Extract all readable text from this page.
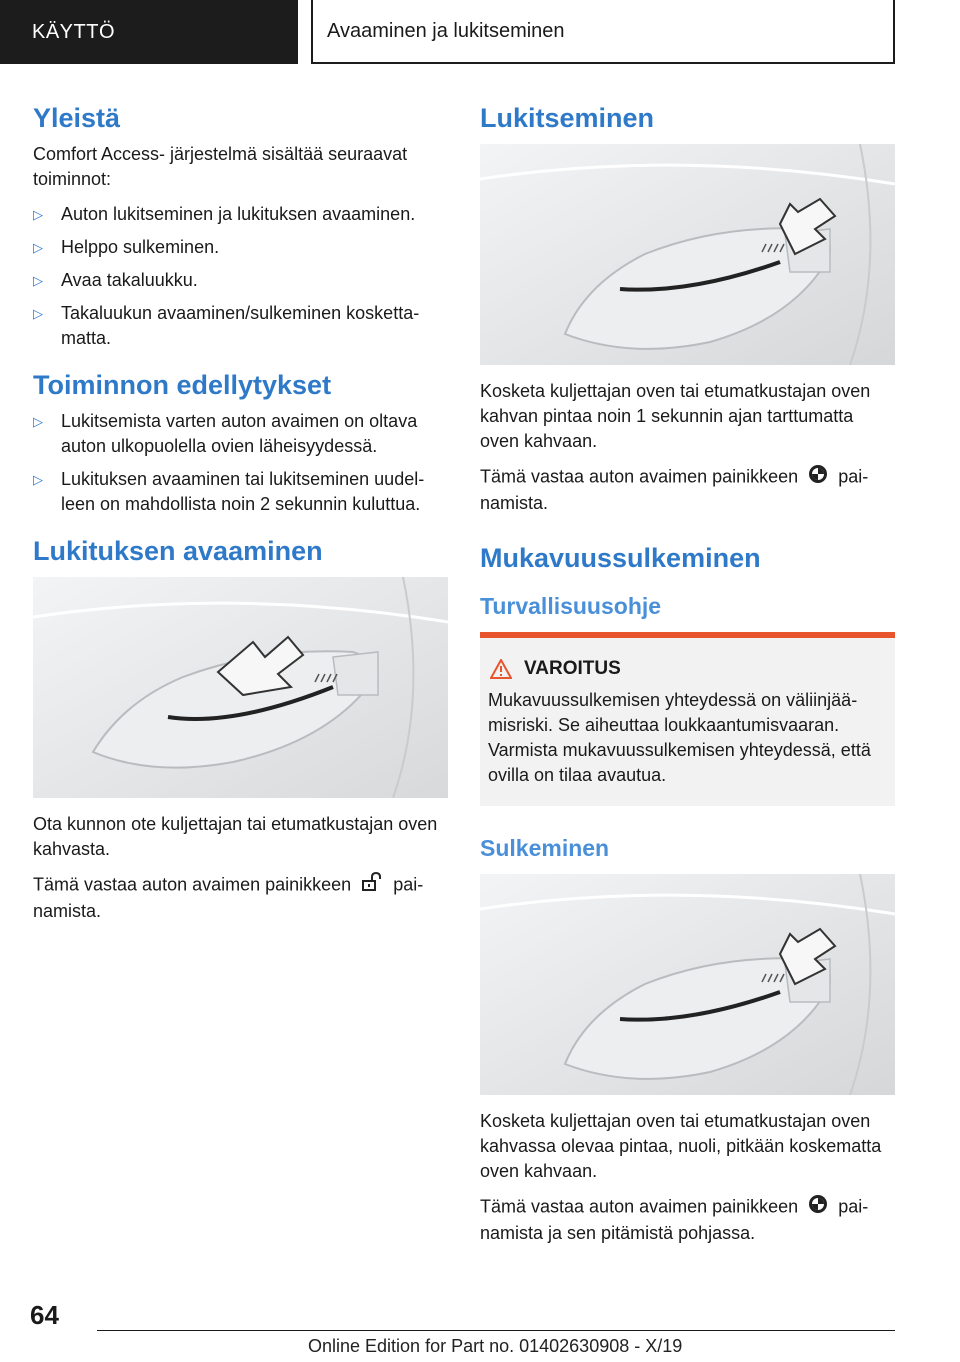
KÄYTTÖ	Avaaminen ja lukitseminen
Yleistä

Comfort Access- järjestelmä sisältää seuraavat toiminnot:

▷ Auton lukitseminen ja lukituksen avaaminen.
▷ Helppo sulkeminen.
▷ Avaa takaluukku.
▷ Takaluukun avaaminen/sulkeminen koskettamatta.
Toiminnon edellytykset
▷ Lukitsemista varten auton avaimen on oltava auton ulkopuolella ovien läheisyydessä.
▷ Lukituksen avaaminen tai lukitseminen uudelleen on mahdollista noin 2 sekunnin kuluttua.
Lukituksen avaaminen

Ota kunnon ote kuljettajan tai etumatkustajan oven kahvasta.

Tämä vastaa auton avaimen painikkeen painamista.

Lukitseminen

Kosketa kuljettajan oven tai etumatkustajan oven kahvan pintaa noin 1 sekunnin ajan tarttumatta oven kahvaan.

Tämä vastaa auton avaimen painikkeen painamista.

Mukavuussulkeminen
Turvallisuusohje
VAROITUS

Mukavuussulkemisen yhteydessä on väliinjäämisriski. Se aiheuttaa loukkaantumisvaaran. Varmista mukavuussulkemisen yhteydessä, että ovilla on tilaa avautua.

Sulkeminen

Kosketa kuljettajan oven tai etumatkustajan oven kahvassa olevaa pintaa, nuoli, pitkään koskematta oven kahvaan.

Tämä vastaa auton avaimen painikkeen painamista ja sen pitämistä pohjassa.

64
Online Edition for Part no. 01402630908 - X/19
